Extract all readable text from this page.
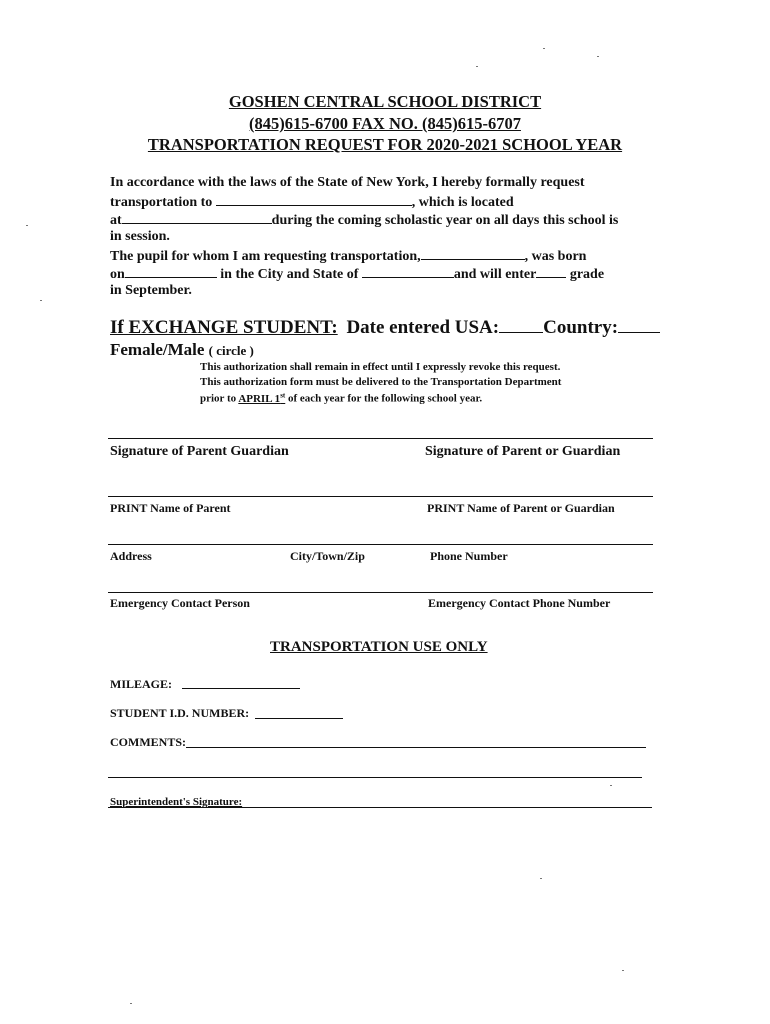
GOSHEN CENTRAL SCHOOL DISTRICT
(845)615-6700 FAX NO. (845)615-6707
TRANSPORTATION REQUEST FOR 2020-2021 SCHOOL YEAR
In accordance with the laws of the State of New York, I hereby formally request
transportation to	, which is located
at	during the coming scholastic year on all days this school is
in session.
The pupil for whom I am requesting transportation,	, was born
on	in the City and State of	and will enter grade
in September.
If EXCHANGE STUDENT: Date entered USA: Country:
Female/Male ( circle )
This authorization shall remain in effect until I expressly revoke this request.
This authorization form must be delivered to the Transportation Department
prior to APRIL 1st of each year for the following school year.
Signature of Parent Guardian	Signature of Parent or Guardian
PRINT Name of Parent	PRINT Name of Parent or Guardian
Address	City/Town/Zip	Phone Number
Emergency Contact Person	Emergency Contact Phone Number
TRANSPORTATION USE ONLY
MILEAGE:
STUDENT I.D. NUMBER:
COMMENTS:
Superintendent's Signature:
